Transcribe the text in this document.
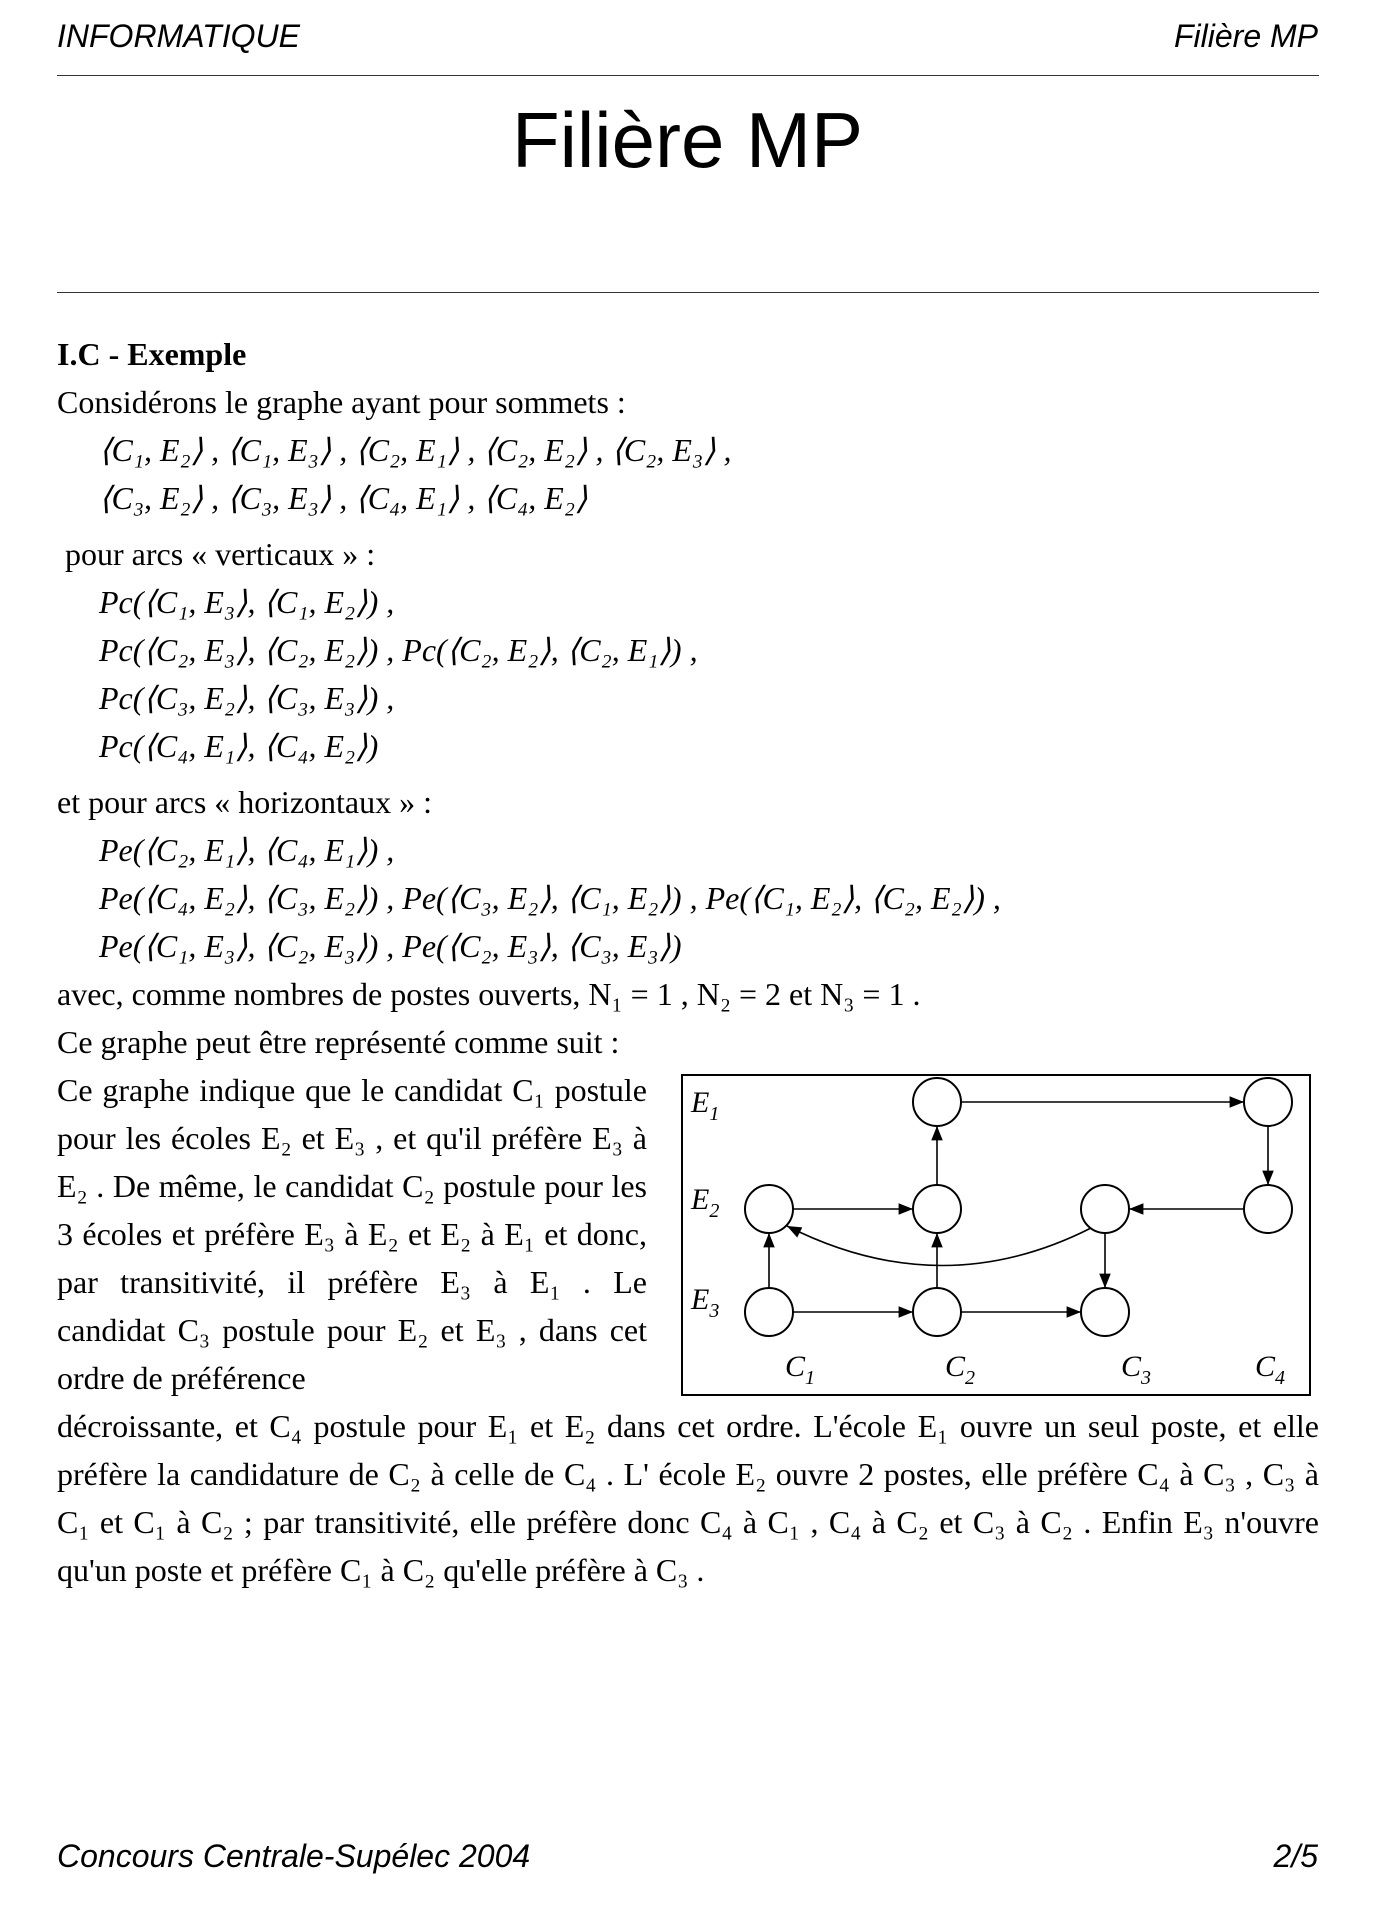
INFORMATIQUE	Filière MP
Filière MP
I.C - Exemple
Considérons le graphe ayant pour sommets :
⟨C₁, E₂⟩ , ⟨C₁, E₃⟩ , ⟨C₂, E₁⟩ , ⟨C₂, E₂⟩ , ⟨C₂, E₃⟩ ,
⟨C₃, E₂⟩ , ⟨C₃, E₃⟩ , ⟨C₄, E₁⟩ , ⟨C₄, E₂⟩
pour arcs « verticaux » :
Pc(⟨C₁, E₃⟩, ⟨C₁, E₂⟩) ,
Pc(⟨C₂, E₃⟩, ⟨C₂, E₂⟩) , Pc(⟨C₂, E₂⟩, ⟨C₂, E₁⟩) ,
Pc(⟨C₃, E₂⟩, ⟨C₃, E₃⟩) ,
Pc(⟨C₄, E₁⟩, ⟨C₄, E₂⟩)
et pour arcs « horizontaux » :
Pe(⟨C₂, E₁⟩, ⟨C₄, E₁⟩) ,
Pe(⟨C₄, E₂⟩, ⟨C₃, E₂⟩) , Pe(⟨C₃, E₂⟩, ⟨C₁, E₂⟩) , Pe(⟨C₁, E₂⟩, ⟨C₂, E₂⟩) ,
Pe(⟨C₁, E₃⟩, ⟨C₂, E₃⟩) , Pe(⟨C₂, E₃⟩, ⟨C₃, E₃⟩)
avec, comme nombres de postes ouverts, N₁ = 1 , N₂ = 2 et N₃ = 1 .
Ce graphe peut être représenté comme suit :
Ce graphe indique que le candidat C₁ postule pour les écoles E₂ et E₃ , et qu'il préfère E₃ à E₂ . De même, le candidat C₂ postule pour les 3 écoles et préfère E₃ à E₂ et E₂ à E₁ et donc, par transitivité, il préfère E₃ à E₁ . Le candidat C₃ postule pour E₂ et E₃ , dans cet ordre de préférence
$E_1$
$E_2$
$E_3$
$C_1$	$C_2$	$C_3$	$C_4$
décroissante, et C₄ postule pour E₁ et E₂ dans cet ordre. L'école E₁ ouvre un seul poste, et elle préfère la candidature de C₂ à celle de C₄ . L' école E₂ ouvre 2 postes, elle préfère C₄ à C₃ , C₃ à C₁ et C₁ à C₂ ; par transitivité, elle préfère donc C₄ à C₁ , C₄ à C₂ et C₃ à C₂ . Enfin E₃ n'ouvre qu'un poste et préfère C₁ à C₂ qu'elle préfère à C₃ .
Concours Centrale-Supélec 2004	2/5
